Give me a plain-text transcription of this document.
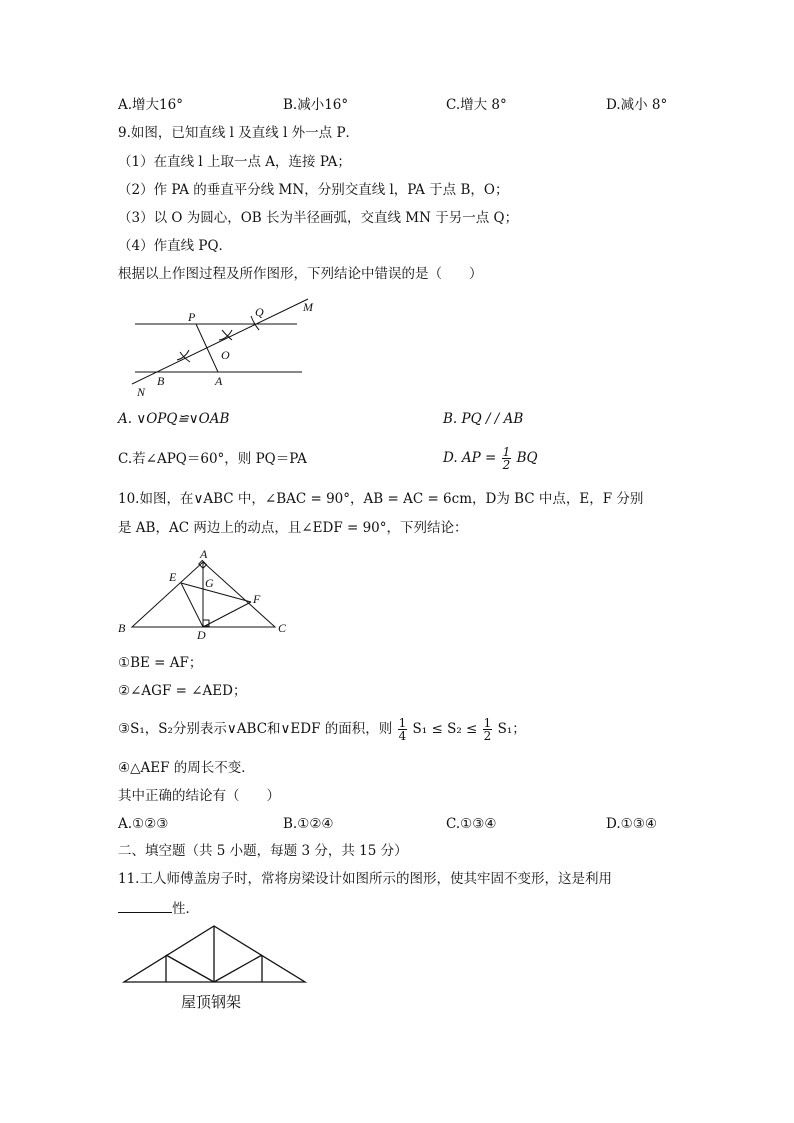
A.增大16°	B.减小16°	C.增大 8°	D.减小 8°
9.如图，已知直线 l 及直线 l 外一点 P．
（1）在直线 l 上取一点 A，连接 PA；
（2）作 PA 的垂直平分线 MN，分别交直线 l，PA 于点 B，O；
（3）以 O 为圆心，OB 长为半径画弧，交直线 MN 于另一点 Q；
（4）作直线 PQ．
根据以上作图过程及所作图形，下列结论中错误的是（　　）
P	Q	M
O
N
B	A
A. ∨OPQ≌∨OAB	B. PQ / / AB
C.若∠APQ＝60°，则 PQ＝PA	D. AP = $\frac{1}{2}$ BQ
10.如图，在∨ABC 中，∠BAC = 90°，AB = AC = 6cm，D为 BC 中点，E，F 分别
是 AB，AC 两边上的动点，且∠EDF = 90°，下列结论：
A
E G
F
B	D	C
①BE = AF；
②∠AGF = ∠AED；
③S₁，S₂分别表示∨ABC和∨EDF 的面积，则 $\frac{1}{4} S_1 \le S_2 \le \frac{1}{2} S_1$；
④△AEF 的周长不变．
其中正确的结论有（　　）
A.①②③	B.①②④	C.①③④	D.①③④
二、填空题（共 5 小题，每题 3 分，共 15 分）
11.工人师傅盖房子时，常将房梁设计如图所示的图形，使其牢固不变形，这是利用
性．
屋顶钢架
